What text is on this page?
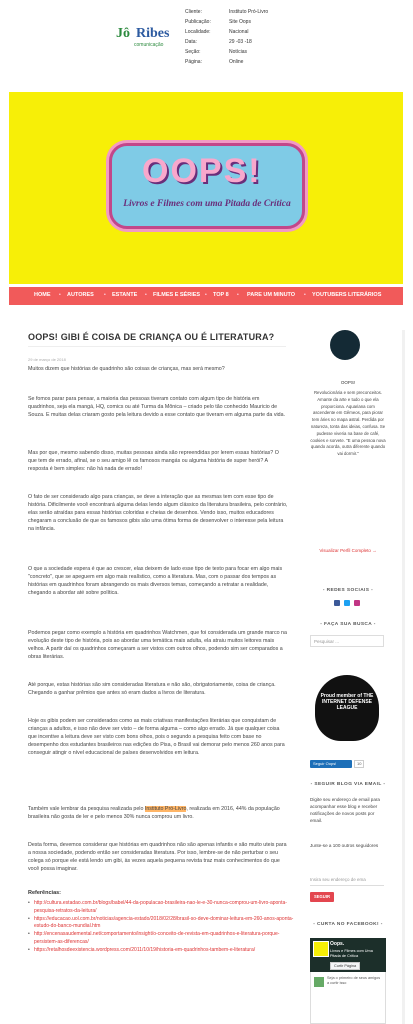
Jô Ribes
comunicação
Cliente:	Instituto Pró-Livro
Publicação:	Site Oops
Localidade:	Nacional
Data:	29 -03 -18
Seção:	Notícias
Página:	Online
OOPS!
Livros e Filmes com uma Pitada de Crítica
HOME • AUTORES • ESTANTE • FILMES E SÉRIES • TOP 8 • PARE UM MINUTO • YOUTUBERS LITERÁRIOS
OOPS! GIBI É COISA DE CRIANÇA OU É LITERATURA?
29 de março de 2018
Muitos dizem que histórias de quadrinho são coisas de crianças, mas será mesmo?
Se fomos parar para pensar, a maioria das pessoas tiveram contato com algum tipo de história em quadrinhos, seja ela mangá, HQ, comics ou até Turma da Mônica – criado pelo tão conhecido Mauricio de Souza. E muitas delas criaram gosto pela leitura devido a esse contato que tiveram em alguma parte da vida.
Mas por que, mesmo sabendo disso, muitas pessoas ainda são repreendidas por lerem essas histórias? O que tem de errado, afinal, se o seu amigo lê os famosos mangás ou alguma história de super herói? A resposta é bem simples: não há nada de errado!
O fato de ser considerado algo para crianças, se deve a interação que as mesmas tem com esse tipo de história. Dificilmente você encontrará alguma delas lendo algum clássico da literatura brasileira, pelo contrário, elas serão atraídas para essas histórias coloridas e cheias de desenhos. Vendo isso, muitos educadores chegaram a conclusão de que os famosos gibis são uma ótima forma de desenvolver o interesse pela leitura na infância.
O que a sociedade espera é que ao crescer, elas deixem de lado esse tipo de texto para focar em algo mais "concreto", que se apeguem em algo mais realístico, como a literatura. Mas, com o passar dos tempos as histórias em quadrinhos foram abrangendo os mais diversos temas, começando a retratar a realidade, chegando a abordar até sobre política.
Podemos pegar como exemplo a história em quadrinhos Watchmen, que foi considerada um grande marco na evolução deste tipo de história, pois ao abordar uma temática mais adulta, ela atraiu muitos leitores mais velhos. A partir daí os quadrinhos começaram a ser vistos com outros olhos, podendo sim ser comparados a obras literárias.
Até porque, estas histórias são sim consideradas literatura e não são, obrigatoriamente, coisa de criança. Chegando a ganhar prêmios que antes só eram dados a livros de literatura.
Hoje os gibis podem ser considerados como as mais criativas manifestações literárias que conquistam de crianças a adultos, e isso não deve ser visto – de forma alguma – como algo errado. Já que qualquer coisa que incentive a leitura deve ser visto com bons olhos, pois o segundo a pesquisa feito com base no desempenho dos estudantes brasileiros nas edições do Pisa, o Brasil vai demorar pelo menos 260 anos para conseguir atingir o nível educacional de países desenvolvidos em leitura.
Também vale lembrar da pesquisa realizada pelo Instituto Pró-Livro, realizada em 2016, 44% da população brasileira não gosta de ler e pelo menos 30% nunca comprou um livro.
Desta forma, devemos considerar que histórias em quadrinhos não são apenas infantis e são muito uteis para a nossa sociedade, podendo então ser consideradas literatura. Por isso, lembre-se de não perturbar o seu colega só porque ele está lendo um gibi, às vezes aquela pequena revista traz mais conhecimentos do que você possa imaginar.
Referências:
• http://cultura.estadao.com.br/blogs/babel/44-da-populacao-brasileira-nao-le-e-30-nunca-comprou-um-livro-aponta-pesquisa-retratos-da-leitura/
• https://educacao.uol.com.br/noticias/agencia-estado/2018/02/28/brasil-so-deve-dominar-leitura-em-260-anos-aponta-estudo-do-banco-mundial.htm
• http://encenasaudemental.net/comportamento/insight/o-conceito-de-revista-em-quadrinhos-e-literatura-porque-persistem-as-diferencas/
• https://retalhosdeexistencia.wordpress.com/2011/10/19/historia-em-quadrinhos-tambem-e-literatura/
OOPS!
Revolucionária e sem preconceitos. Amante da arte e tudo o que ela proporciona. Aquariana com ascendente em Gêmeos, para piorar tem áries no mapa astral. Perdida por natureza, tonta das ideias, confusa. Se pudesse viveria na base de café, cookies e sorvete. "E uma pessoa nova quando acorda, outra diferente quando vai dormir."
Visualizar Perfil Completo →
- REDES SOCIAIS -
- FAÇA SUA BUSCA -
Pesquisar ...
Proud member of THE INTERNET DEFENSE LEAGUE
Seguir Oops!	10
- SEGUIR BLOG VIA EMAIL -
Digite seu endereço de email para acompanhar esse blog e receber notificações de novos posts por email.
Junte-se a 100 outros seguidores
Insira seu endereço de ema
SEGUIR
- CURTA NO FACEBOOK! -
Oops.
Livros e Filmes com Uma Pitada de Crítica
Curtir Página
Seja o primeiro de seus amigos a curtir isso
